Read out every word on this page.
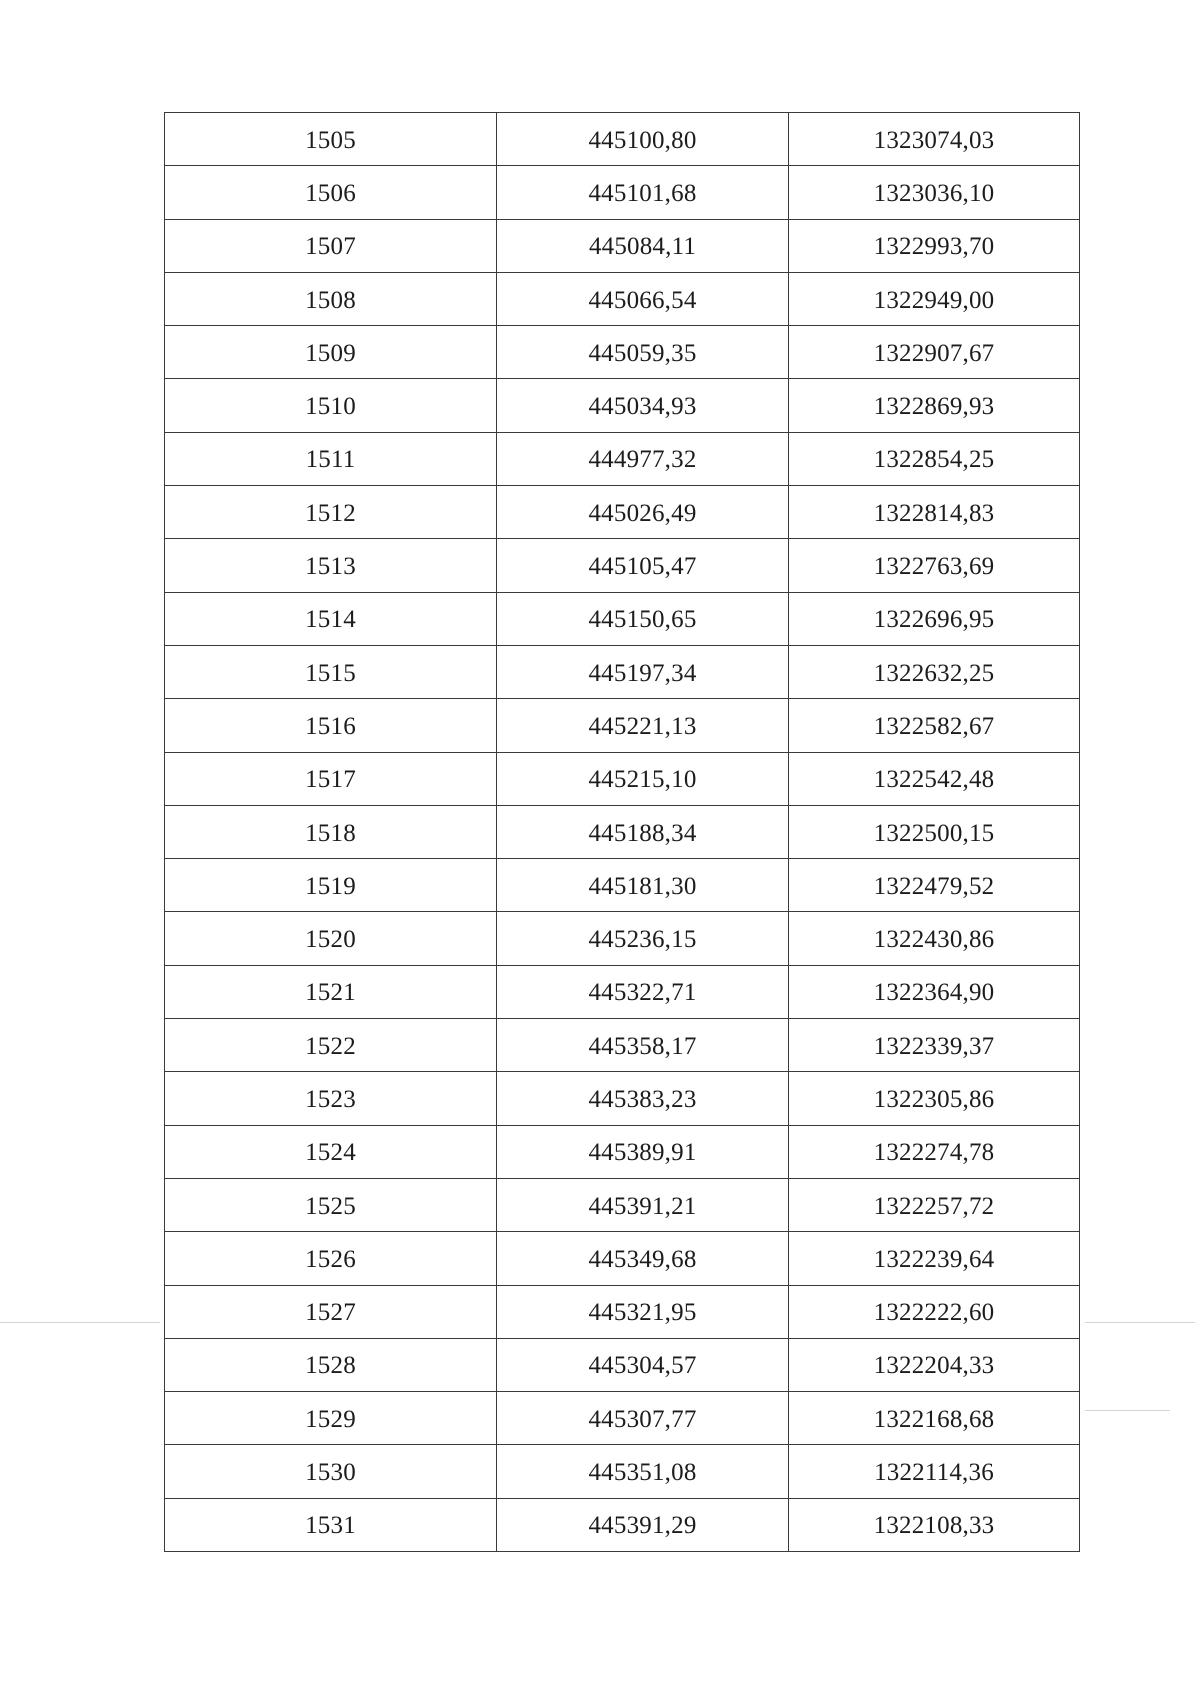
1505	445100,80	1323074,03
1506	445101,68	1323036,10
1507	445084,11	1322993,70
1508	445066,54	1322949,00
1509	445059,35	1322907,67
1510	445034,93	1322869,93
1511	444977,32	1322854,25
1512	445026,49	1322814,83
1513	445105,47	1322763,69
1514	445150,65	1322696,95
1515	445197,34	1322632,25
1516	445221,13	1322582,67
1517	445215,10	1322542,48
1518	445188,34	1322500,15
1519	445181,30	1322479,52
1520	445236,15	1322430,86
1521	445322,71	1322364,90
1522	445358,17	1322339,37
1523	445383,23	1322305,86
1524	445389,91	1322274,78
1525	445391,21	1322257,72
1526	445349,68	1322239,64
1527	445321,95	1322222,60
1528	445304,57	1322204,33
1529	445307,77	1322168,68
1530	445351,08	1322114,36
1531	445391,29	1322108,33
